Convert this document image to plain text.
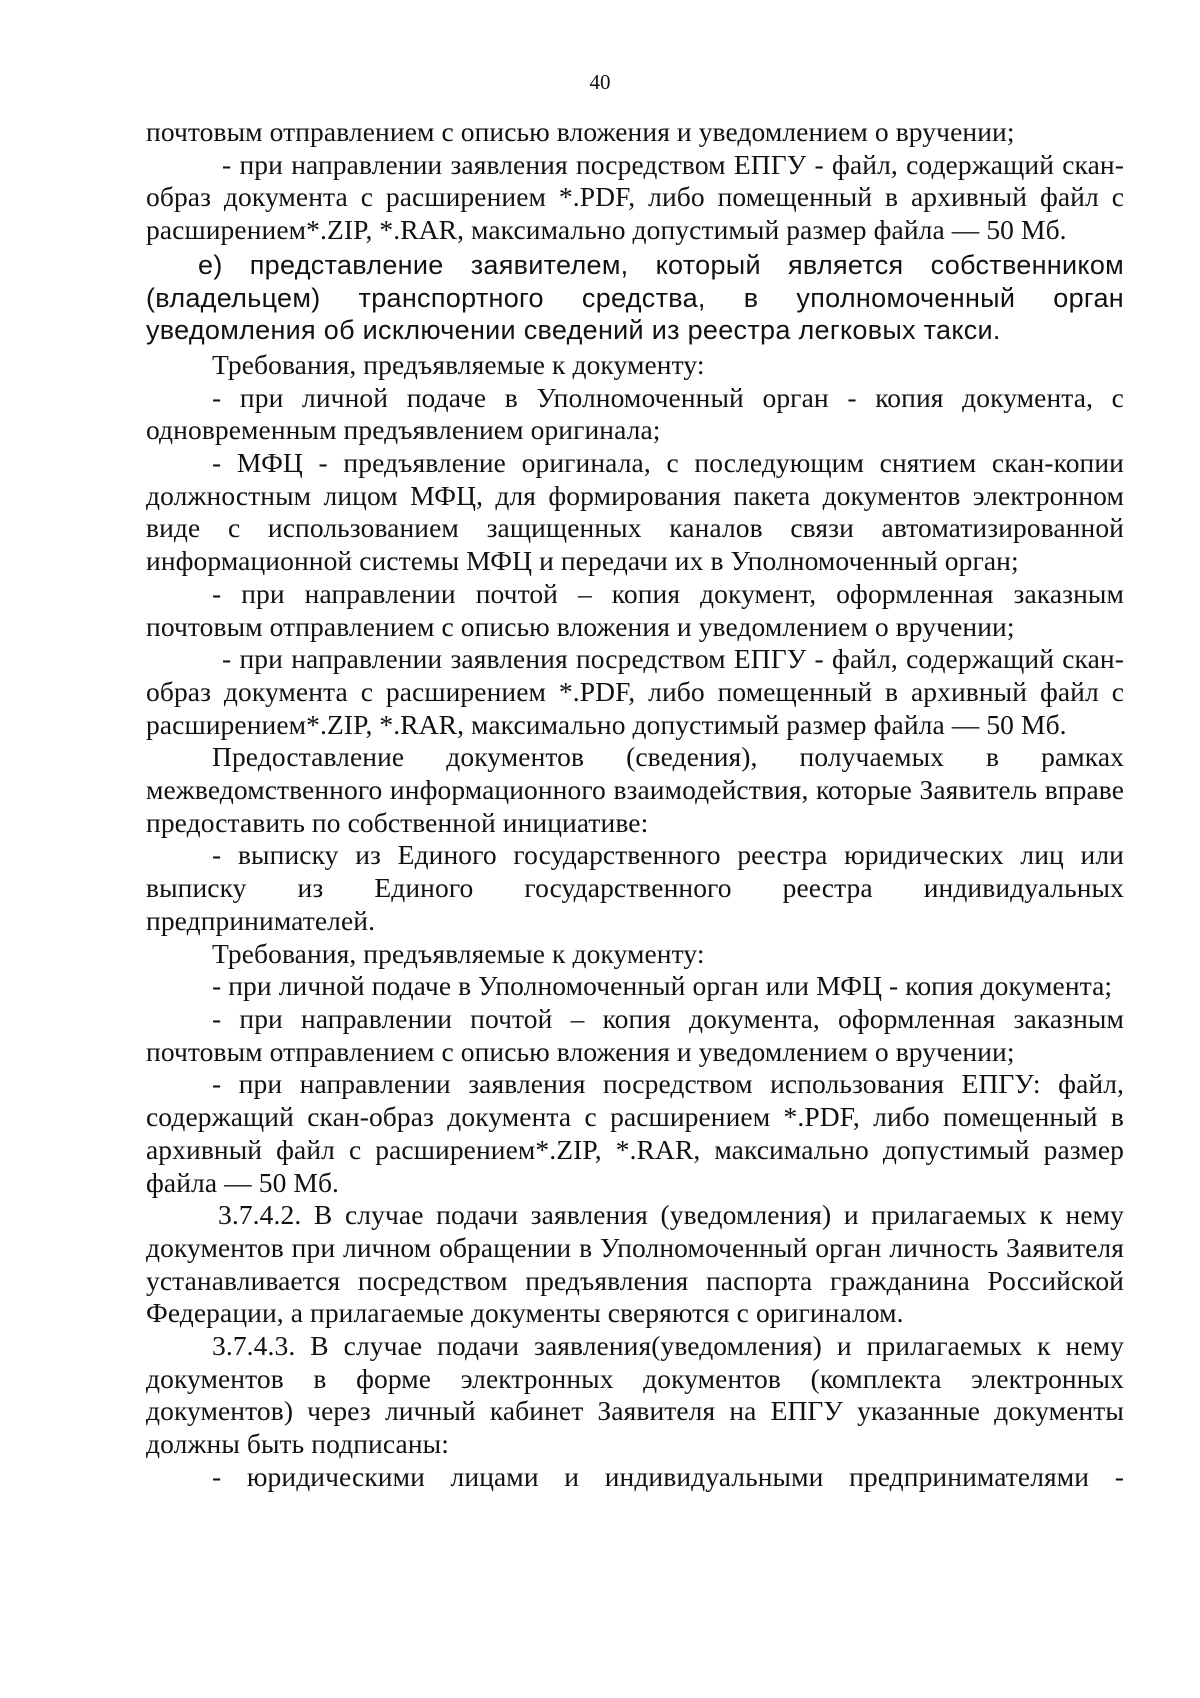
40

почтовым отправлением с описью вложения и уведомлением о вручении;

- при направлении заявления посредством ЕПГУ - файл, содержащий скан-образ документа с расширением *.PDF, либо помещенный в архивный файл с расширением*.ZIP, *.RAR, максимально допустимый размер файла — 50 Мб.

е) представление заявителем, который является собственником (владельцем) транспортного средства, в уполномоченный орган уведомления об исключении сведений из реестра легковых такси.

Требования, предъявляемые к документу:

- при личной подаче в Уполномоченный орган - копия документа, с одновременным предъявлением оригинала;

- МФЦ - предъявление оригинала, с последующим снятием скан-копии должностным лицом МФЦ, для формирования пакета документов электронном виде с использованием защищенных каналов связи автоматизированной информационной системы МФЦ и передачи их в Уполномоченный орган;

- при направлении почтой – копия документ, оформленная заказным почтовым отправлением с описью вложения и уведомлением о вручении;

- при направлении заявления посредством ЕПГУ - файл, содержащий скан-образ документа с расширением *.PDF, либо помещенный в архивный файл с расширением*.ZIP, *.RAR, максимально допустимый размер файла — 50 Мб.

Предоставление документов (сведения), получаемых в рамках межведомственного информационного взаимодействия, которые Заявитель вправе предоставить по собственной инициативе:

- выписку из Единого государственного реестра юридических лиц или выписку из Единого государственного реестра индивидуальных предпринимателей.

Требования, предъявляемые к документу:

- при личной подаче в Уполномоченный орган или МФЦ - копия документа;

- при направлении почтой – копия документа, оформленная заказным почтовым отправлением с описью вложения и уведомлением о вручении;

- при направлении заявления посредством использования ЕПГУ: файл, содержащий скан-образ документа с расширением *.PDF, либо помещенный в архивный файл с расширением*.ZIP, *.RAR, максимально допустимый размер файла — 50 Мб.

3.7.4.2. В случае подачи заявления (уведомления) и прилагаемых к нему документов при личном обращении в Уполномоченный орган личность Заявителя устанавливается посредством предъявления паспорта гражданина Российской Федерации, а прилагаемые документы сверяются с оригиналом.

3.7.4.3. В случае подачи заявления(уведомления) и прилагаемых к нему документов в форме электронных документов (комплекта электронных документов) через личный кабинет Заявителя на ЕПГУ указанные документы должны быть подписаны:

- юридическими лицами и индивидуальными предпринимателями -
